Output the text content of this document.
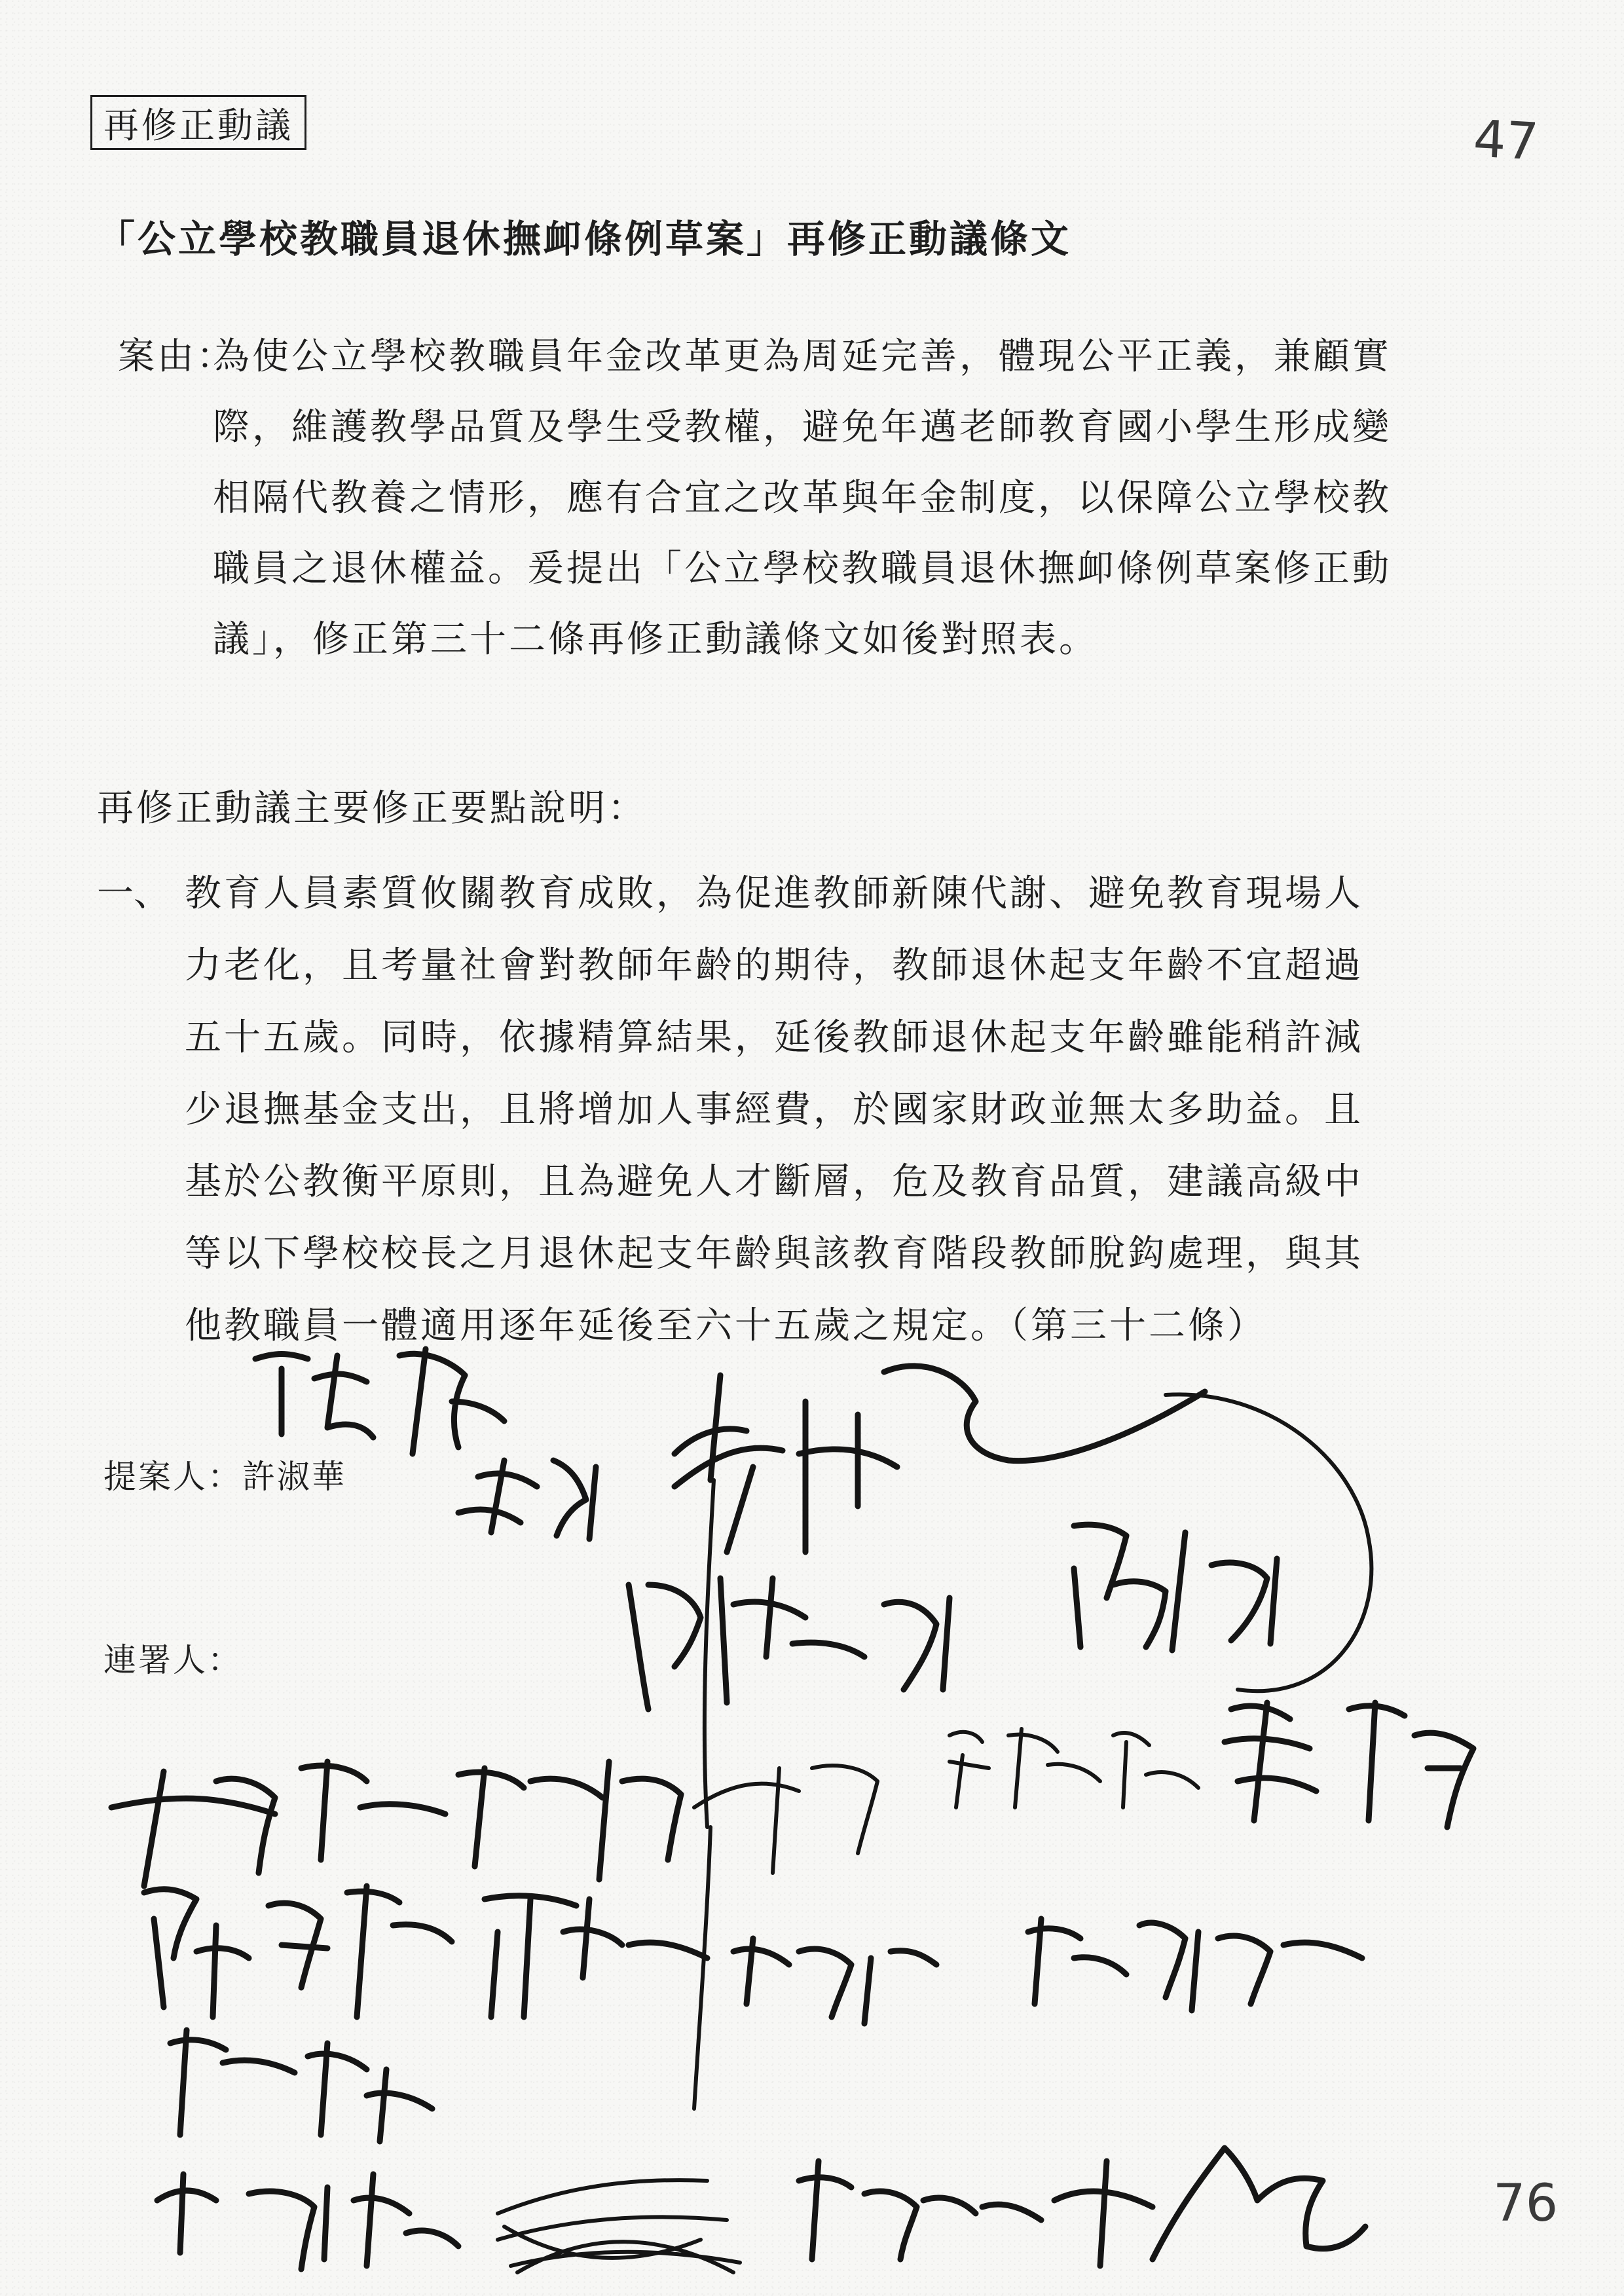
再修正動議	47
「公立學校教職員退休撫卹條例草案」再修正動議條文
案由：
為使公立學校教職員年金改革更為周延完善，體現公平正義，兼顧實
際，維護教學品質及學生受教權，避免年邁老師教育國小學生形成變
相隔代教養之情形，應有合宜之改革與年金制度，以保障公立學校教
職員之退休權益。爰提出「公立學校教職員退休撫卹條例草案修正動
議」，修正第三十二條再修正動議條文如後對照表。
再修正動議主要修正要點說明：
一、 教育人員素質攸關教育成敗，為促進教師新陳代謝、避免教育現場人
力老化，且考量社會對教師年齡的期待，教師退休起支年齡不宜超過
五十五歲。同時，依據精算結果，延後教師退休起支年齡雖能稍許減
少退撫基金支出，且將增加人事經費，於國家財政並無太多助益。且
基於公教衡平原則，且為避免人才斷層，危及教育品質，建議高級中
等以下學校校長之月退休起支年齡與該教育階段教師脫鈎處理，與其
他教職員一體適用逐年延後至六十五歲之規定。（第三十二條）
提案人：許淑華
連署人：
76
